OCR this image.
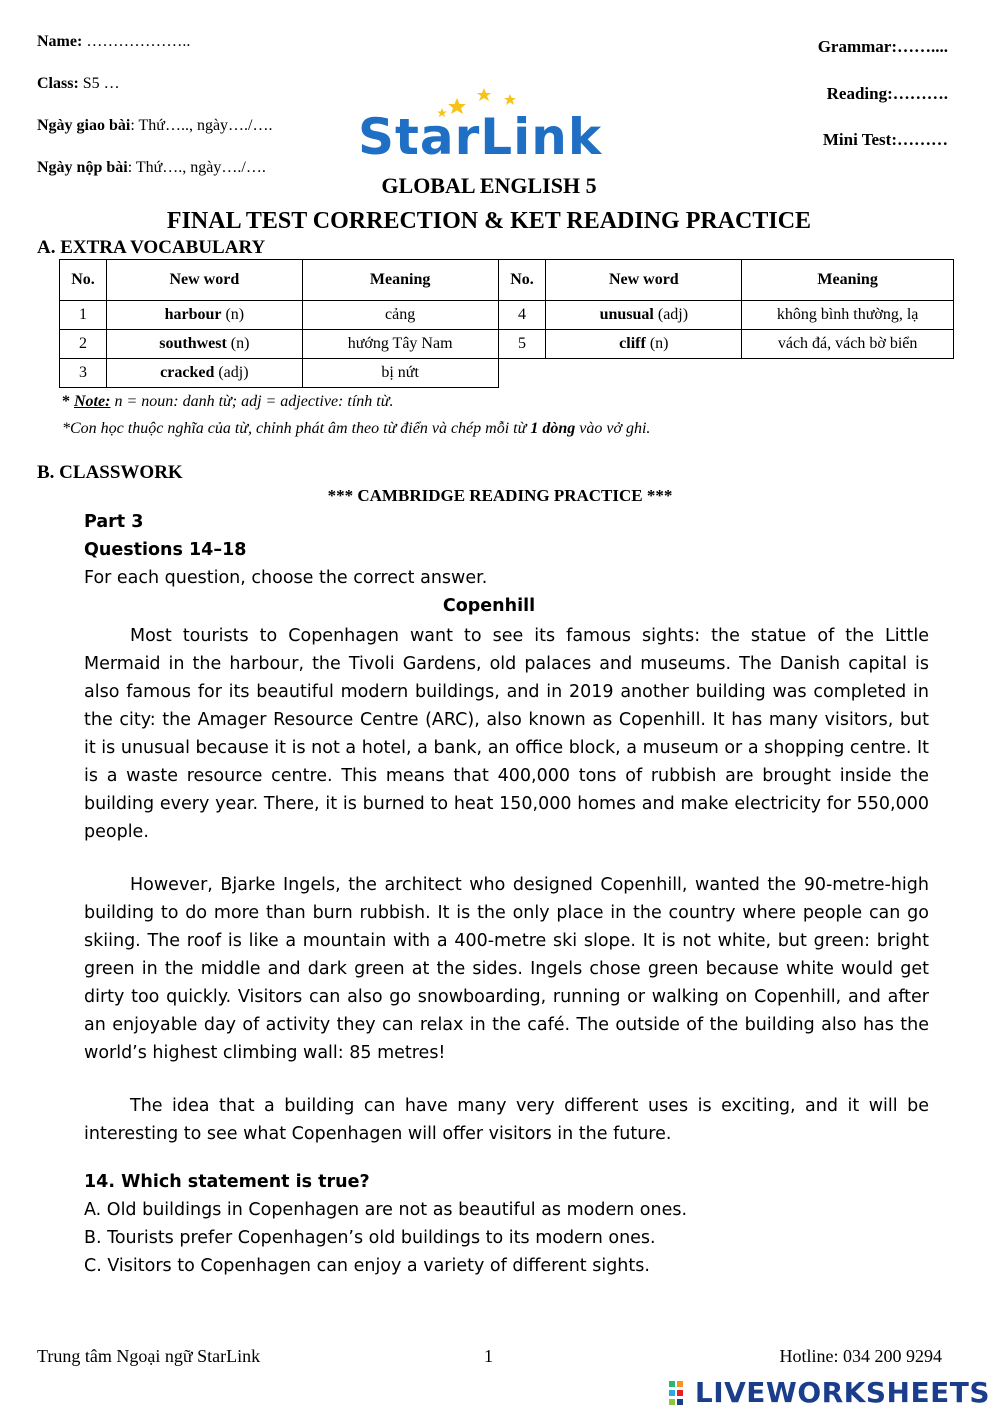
Name: ………………..
Class: S5 …
Ngày giao bài: Thứ….., ngày…./….
Ngày nộp bài: Thứ…., ngày…./….
Grammar:……....
Reading:……….
Mini Test:………
StarLink
GLOBAL ENGLISH 5
FINAL TEST CORRECTION & KET READING PRACTICE
A. EXTRA VOCABULARY
No.	New word	Meaning	No.	New word	Meaning
1	harbour (n)	cảng	4	unusual (adj)	không bình thường, lạ
2	southwest (n)	hướng Tây Nam	5	cliff (n)	vách đá, vách bờ biển
3	cracked (adj)	bị nứt			
* Note: n = noun: danh từ; adj = adjective: tính từ.
*Con học thuộc nghĩa của từ, chỉnh phát âm theo từ điển và chép mỗi từ 1 dòng vào vở ghi.
B. CLASSWORK
*** CAMBRIDGE READING PRACTICE ***
Part 3
Questions 14–18
For each question, choose the correct answer.
Copenhill
Most tourists to Copenhagen want to see its famous sights: the statue of the Little Mermaid in the harbour, the Tivoli Gardens, old palaces and museums. The Danish capital is also famous for its beautiful modern buildings, and in 2019 another building was completed in the city: the Amager Resource Centre (ARC), also known as Copenhill. It has many visitors, but it is unusual because it is not a hotel, a bank, an office block, a museum or a shopping centre. It is a waste resource centre. This means that 400,000 tons of rubbish are brought inside the building every year. There, it is burned to heat 150,000 homes and make electricity for 550,000 people.
However, Bjarke Ingels, the architect who designed Copenhill, wanted the 90-metre-high building to do more than burn rubbish. It is the only place in the country where people can go skiing. The roof is like a mountain with a 400-metre ski slope. It is not white, but green: bright green in the middle and dark green at the sides. Ingels chose green because white would get dirty too quickly. Visitors can also go snowboarding, running or walking on Copenhill, and after an enjoyable day of activity they can relax in the café. The outside of the building also has the world’s highest climbing wall: 85 metres!
The idea that a building can have many very different uses is exciting, and it will be interesting to see what Copenhagen will offer visitors in the future.
14. Which statement is true?
A. Old buildings in Copenhagen are not as beautiful as modern ones.
B. Tourists prefer Copenhagen’s old buildings to its modern ones.
C. Visitors to Copenhagen can enjoy a variety of different sights.
Trung tâm Ngoại ngữ StarLink	1	Hotline: 034 200 9294
LIVEWORKSHEETS
